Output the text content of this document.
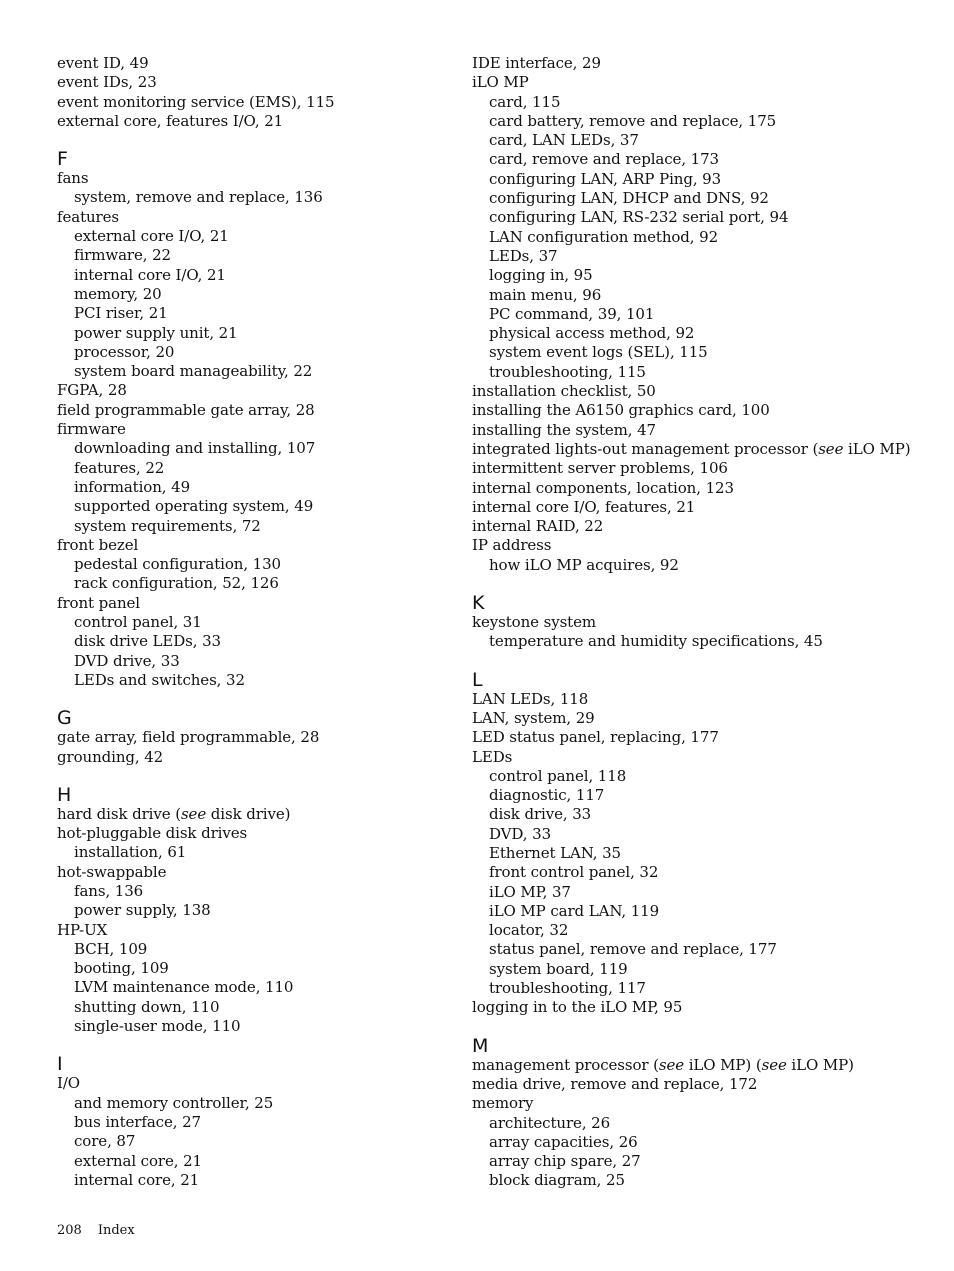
event ID, 49
event IDs, 23
event monitoring service (EMS), 115
external core, features I/O, 21
F
fans
system, remove and replace, 136
features
external core I/O, 21
firmware, 22
internal core I/O, 21
memory, 20
PCI riser, 21
power supply unit, 21
processor, 20
system board manageability, 22
FGPA, 28
field programmable gate array, 28
firmware
downloading and installing, 107
features, 22
information, 49
supported operating system, 49
system requirements, 72
front bezel
pedestal configuration, 130
rack configuration, 52, 126
front panel
control panel, 31
disk drive LEDs, 33
DVD drive, 33
LEDs and switches, 32
G
gate array, field programmable, 28
grounding, 42
H
hard disk drive (see disk drive)
hot-pluggable disk drives
installation, 61
hot-swappable
fans, 136
power supply, 138
HP-UX
BCH, 109
booting, 109
LVM maintenance mode, 110
shutting down, 110
single-user mode, 110
I
I/O
and memory controller, 25
bus interface, 27
core, 87
external core, 21
internal core, 21
IDE interface, 29
iLO MP
card, 115
card battery, remove and replace, 175
card, LAN LEDs, 37
card, remove and replace, 173
configuring LAN, ARP Ping, 93
configuring LAN, DHCP and DNS, 92
configuring LAN, RS-232 serial port, 94
LAN configuration method, 92
LEDs, 37
logging in, 95
main menu, 96
PC command, 39, 101
physical access method, 92
system event logs (SEL), 115
troubleshooting, 115
installation checklist, 50
installing the A6150 graphics card, 100
installing the system, 47
integrated lights-out management processor (see iLO MP)
intermittent server problems, 106
internal components, location, 123
internal core I/O, features, 21
internal RAID, 22
IP address
how iLO MP acquires, 92
K
keystone system
temperature and humidity specifications, 45
L
LAN LEDs, 118
LAN, system, 29
LED status panel, replacing, 177
LEDs
control panel, 118
diagnostic, 117
disk drive, 33
DVD, 33
Ethernet LAN, 35
front control panel, 32
iLO MP, 37
iLO MP card LAN, 119
locator, 32
status panel, remove and replace, 177
system board, 119
troubleshooting, 117
logging in to the iLO MP, 95
M
management processor (see iLO MP) (see iLO MP)
media drive, remove and replace, 172
memory
architecture, 26
array capacities, 26
array chip spare, 27
block diagram, 25
208 Index
